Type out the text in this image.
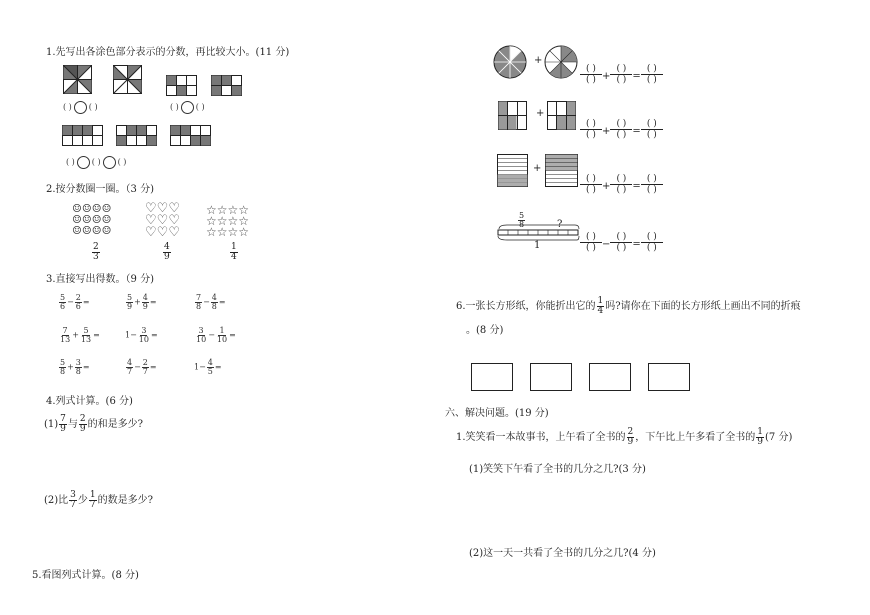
1.先写出各涂色部分表示的分数，再比较大小。(11 分)
( ) ( )	( ) ( )
( ) ( ) ( )
2.按分数圈一圈。（3 分)
☺☺☺☺
☺☺☺☺
☺☺☺☺
$\frac{2}{3}$
♡♡♡
♡♡♡
♡♡♡
$\frac{4}{9}$
☆☆☆☆
☆☆☆☆
☆☆☆☆
$\frac{1}{4}$
3.直接写出得数。（9 分)
$\frac{5}{6} - \frac{2}{6}$ =	$\frac{5}{9} + \frac{4}{9}$ =	$\frac{7}{8} - \frac{4}{8}$ =
$\frac{7}{13} + \frac{5}{13}$ =	$1- \frac{3}{10}$ =	$\frac{3}{10} - \frac{1}{10}$ =
$\frac{5}{8} + \frac{3}{8}$ =	$\frac{4}{7} - \frac{2}{7}$ =	$1- \frac{4}{5}$ =
4.列式计算。(6 分)
$(1) \frac{7}{9}$ 与 $\frac{2}{9}$ 的和是多少?
(2)比 $\frac{3}{7}$ 少 $\frac{1}{7}$ 的数是多少?
5.看图列式计算。(8 分)
+
+
+
$\frac{5}{8}$	?
1
( )
( ) +
( )
( ) =
( )
( )
( )
( ) +
( )
( ) =
( )
( )
( )
( ) +
( )
( ) =
( )
( )
( )
( ) −
( )
( ) =
( )
( )
6.一张长方形纸，你能折出它的 $\frac{1}{4}$ 吗?请你在下面的长方形纸上画出不同的折痕
。(8 分)
六、解决问题。(19 分)
1.笑笑看一本故事书，上午看了全书的 $\frac{2}{9}$ ，下午比上午多看了全书的 $\frac{1}{9} (7$ 分)
(1)笑笑下午看了全书的几分之几?(3 分)
(2)这一天一共看了全书的几分之几?(4 分)
